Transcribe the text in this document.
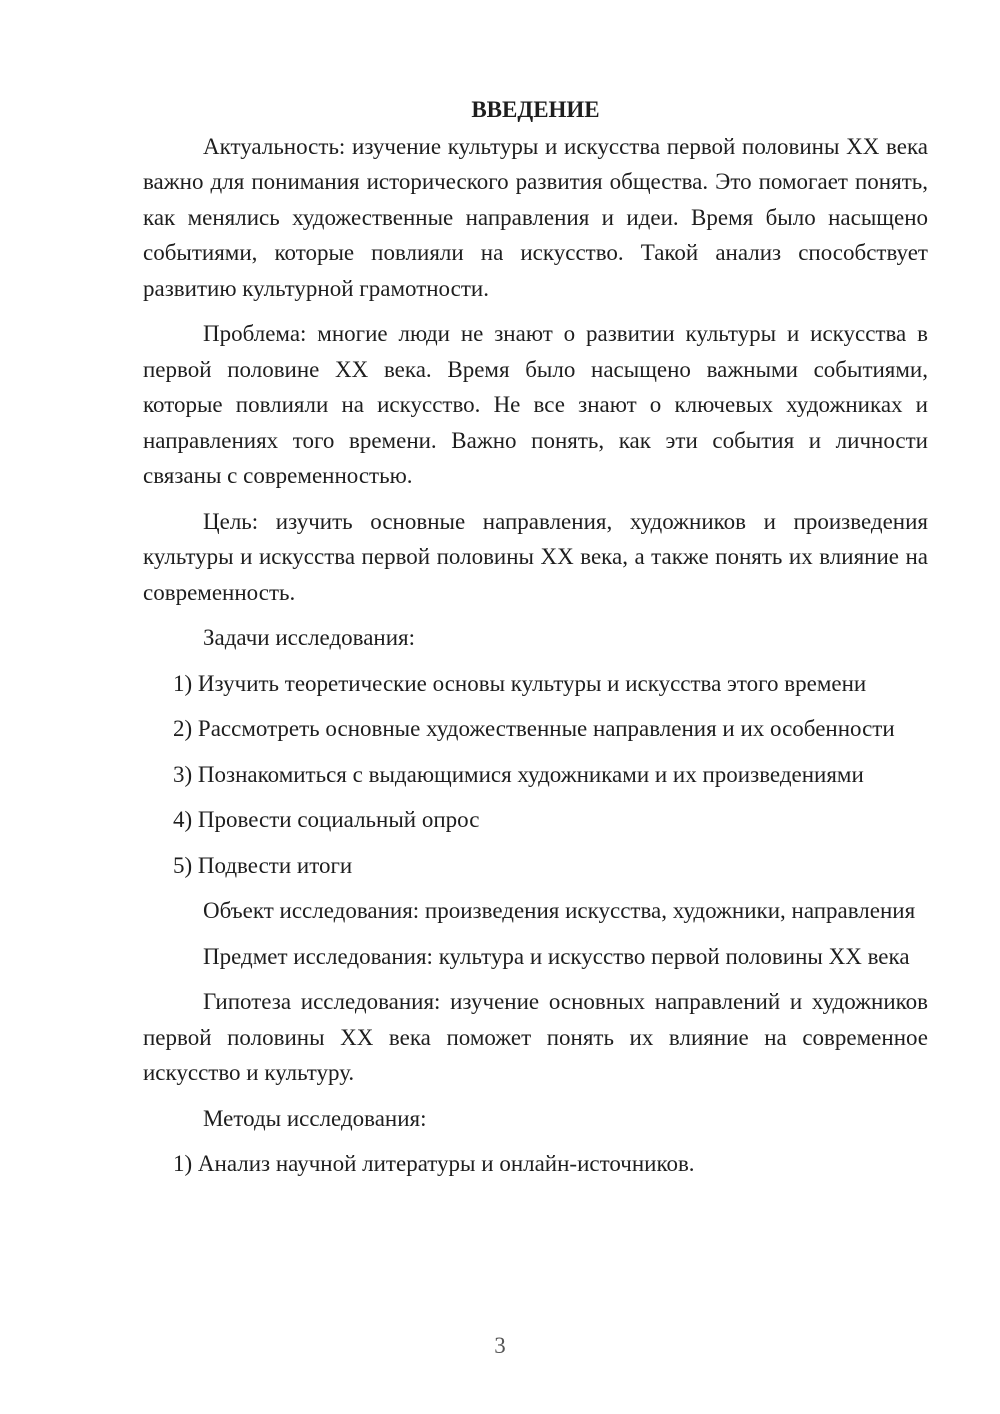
ВВЕДЕНИЕ

Актуальность: изучение культуры и искусства первой половины XX века важно для понимания исторического развития общества. Это помогает понять, как менялись художественные направления и идеи. Время было насыщено событиями, которые повлияли на искусство. Такой анализ способствует развитию культурной грамотности.

Проблема: многие люди не знают о развитии культуры и искусства в первой половине XX века. Время было насыщено важными событиями, которые повлияли на искусство. Не все знают о ключевых художниках и направлениях того времени. Важно понять, как эти события и личности связаны с современностью.

Цель: изучить основные направления, художников и произведения культуры и искусства первой половины XX века, а также понять их влияние на современность.

Задачи исследования:

1) Изучить теоретические основы культуры и искусства этого времени

2) Рассмотреть основные художественные направления и их особенности

3) Познакомиться с выдающимися художниками и их произведениями

4) Провести социальный опрос

5) Подвести итоги

Объект исследования: произведения искусства, художники, направления

Предмет исследования: культура и искусство первой половины XX века

Гипотеза исследования: изучение основных направлений и художников первой половины XX века поможет понять их влияние на современное искусство и культуру.

Методы исследования:

1) Анализ научной литературы и онлайн-источников.

3
